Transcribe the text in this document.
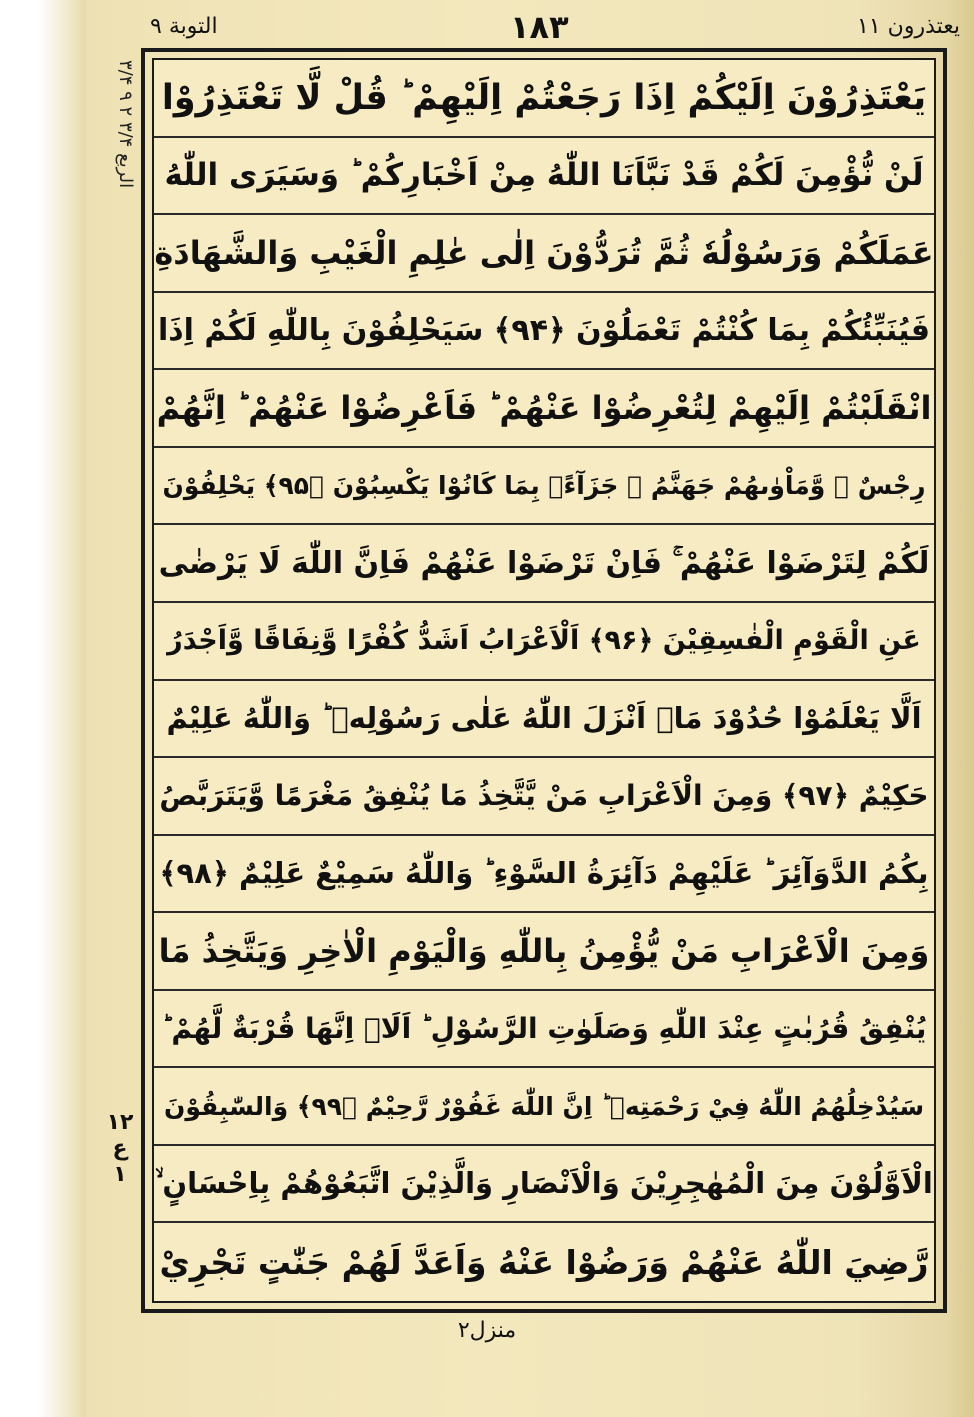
التوبة ۹	١٨٣	يعتذرون ١١
الربع ۳/۴ ۲ ۹ ۳/۴
يَعْتَذِرُوْنَ اِلَيْكُمْ اِذَا رَجَعْتُمْ اِلَيْهِمْ ؕ قُلْ لَّا تَعْتَذِرُوْا
لَنْ نُّؤْمِنَ لَكُمْ قَدْ نَبَّاَنَا اللّٰهُ مِنْ اَخْبَارِكُمْ ؕ وَسَيَرَى اللّٰهُ
عَمَلَكُمْ وَرَسُوْلُهٗ ثُمَّ تُرَدُّوْنَ اِلٰى عٰلِمِ الْغَيْبِ وَالشَّهَادَةِ
فَيُنَبِّئُكُمْ بِمَا كُنْتُمْ تَعْمَلُوْنَ ﴿۹۴﴾ سَيَحْلِفُوْنَ بِاللّٰهِ لَكُمْ اِذَا
انْقَلَبْتُمْ اِلَيْهِمْ لِتُعْرِضُوْا عَنْهُمْ ؕ فَاَعْرِضُوْا عَنْهُمْ ؕ اِنَّهُمْ
رِجْسٌ ؗ وَّمَاْوٰىهُمْ جَهَنَّمُ ۚ جَزَآءًۢ بِمَا كَانُوْا يَكْسِبُوْنَ ﴿۹۵﴾ يَحْلِفُوْنَ
لَكُمْ لِتَرْضَوْا عَنْهُمْ ۚ فَاِنْ تَرْضَوْا عَنْهُمْ فَاِنَّ اللّٰهَ لَا يَرْضٰى
عَنِ الْقَوْمِ الْفٰسِقِيْنَ ﴿۹۶﴾ اَلْاَعْرَابُ اَشَدُّ كُفْرًا وَّنِفَاقًا وَّاَجْدَرُ
اَلَّا يَعْلَمُوْا حُدُوْدَ مَاۤ اَنْزَلَ اللّٰهُ عَلٰى رَسُوْلِهٖ ؕ وَاللّٰهُ عَلِيْمٌ
حَكِيْمٌ ﴿۹۷﴾ وَمِنَ الْاَعْرَابِ مَنْ يَّتَّخِذُ مَا يُنْفِقُ مَغْرَمًا وَّيَتَرَبَّصُ
بِكُمُ الدَّوَآئِرَ ؕ عَلَيْهِمْ دَآئِرَةُ السَّوْءِ ؕ وَاللّٰهُ سَمِيْعٌ عَلِيْمٌ ﴿۹۸﴾
وَمِنَ الْاَعْرَابِ مَنْ يُّؤْمِنُ بِاللّٰهِ وَالْيَوْمِ الْاٰخِرِ وَيَتَّخِذُ مَا
يُنْفِقُ قُرُبٰتٍ عِنْدَ اللّٰهِ وَصَلَوٰتِ الرَّسُوْلِ ؕ اَلَاۤ اِنَّهَا قُرْبَةٌ لَّهُمْ ؕ
سَيُدْخِلُهُمُ اللّٰهُ فِيْ رَحْمَتِهٖ ؕ اِنَّ اللّٰهَ غَفُوْرٌ رَّحِيْمٌ ﴿۹۹﴾ وَالسّٰبِقُوْنَ
الْاَوَّلُوْنَ مِنَ الْمُهٰجِرِيْنَ وَالْاَنْصَارِ وَالَّذِيْنَ اتَّبَعُوْهُمْ بِاِحْسَانٍ ۙ
رَّضِيَ اللّٰهُ عَنْهُمْ وَرَضُوْا عَنْهُ وَاَعَدَّ لَهُمْ جَنّٰتٍ تَجْرِيْ
١٢
ع
١
منزل٢
